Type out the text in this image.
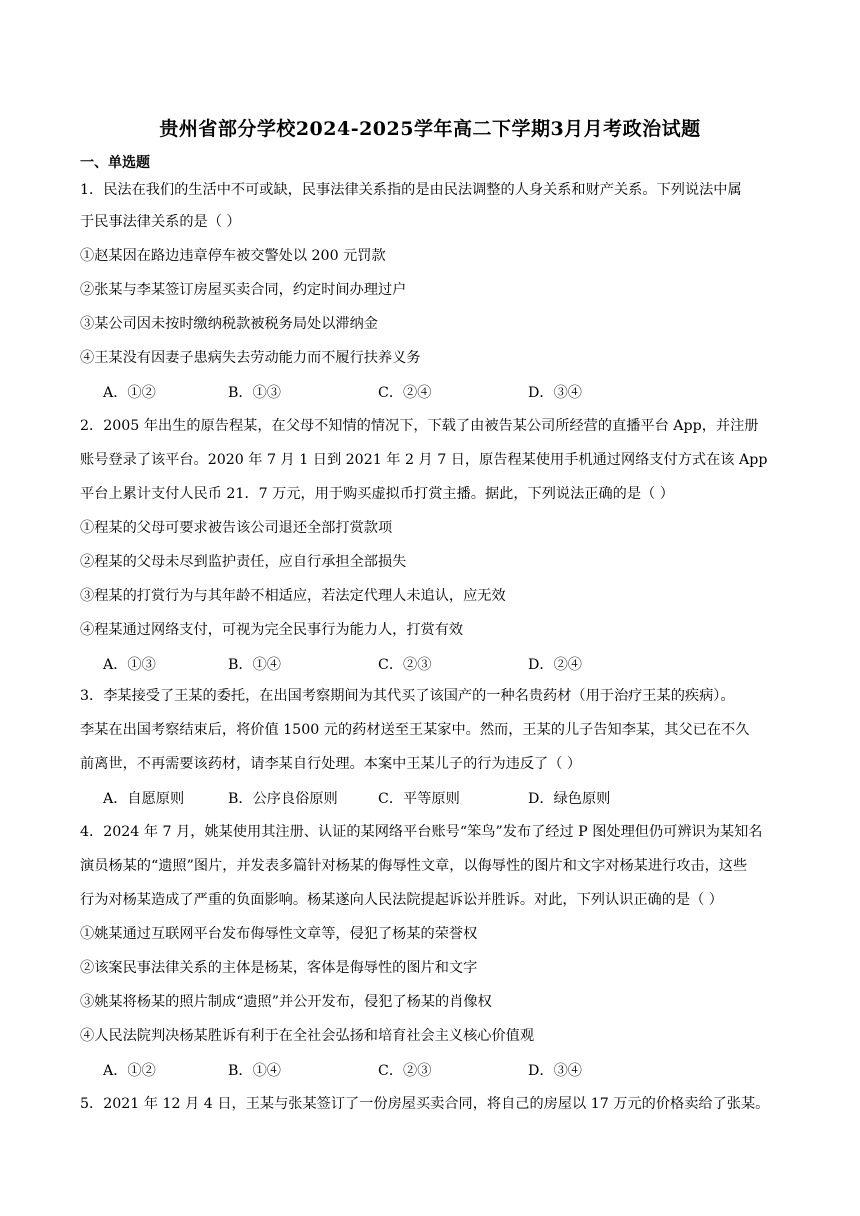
贵州省部分学校2024-2025学年高二下学期3月月考政治试题
一、单选题
1．民法在我们的生活中不可或缺，民事法律关系指的是由民法调整的人身关系和财产关系。下列说法中属
于民事法律关系的是（ ）
①赵某因在路边违章停车被交警处以 200 元罚款
②张某与李某签订房屋买卖合同，约定时间办理过户
③某公司因未按时缴纳税款被税务局处以滞纳金
④王某没有因妻子患病失去劳动能力而不履行扶养义务
A．①②	B．①③	C．②④	D．③④
2．2005 年出生的原告程某，在父母不知情的情况下，下载了由被告某公司所经营的直播平台 App，并注册
账号登录了该平台。2020 年 7 月 1 日到 2021 年 2 月 7 日，原告程某使用手机通过网络支付方式在该 App
平台上累计支付人民币 21．7 万元，用于购买虚拟币打赏主播。据此，下列说法正确的是（ ）
①程某的父母可要求被告该公司退还全部打赏款项
②程某的父母未尽到监护责任，应自行承担全部损失
③程某的打赏行为与其年龄不相适应，若法定代理人未追认，应无效
④程某通过网络支付，可视为完全民事行为能力人，打赏有效
A．①③	B．①④	C．②③	D．②④
3．李某接受了王某的委托，在出国考察期间为其代买了该国产的一种名贵药材（用于治疗王某的疾病）。
李某在出国考察结束后，将价值 1500 元的药材送至王某家中。然而，王某的儿子告知李某，其父已在不久
前离世，不再需要该药材，请李某自行处理。本案中王某儿子的行为违反了（ ）
A．自愿原则	B．公序良俗原则	C．平等原则	D．绿色原则
4．2024 年 7 月，姚某使用其注册、认证的某网络平台账号“笨鸟”发布了经过 P 图处理但仍可辨识为某知名
演员杨某的“遗照”图片，并发表多篇针对杨某的侮辱性文章，以侮辱性的图片和文字对杨某进行攻击，这些
行为对杨某造成了严重的负面影响。杨某遂向人民法院提起诉讼并胜诉。对此，下列认识正确的是（ ）
①姚某通过互联网平台发布侮辱性文章等，侵犯了杨某的荣誉权
②该案民事法律关系的主体是杨某，客体是侮辱性的图片和文字
③姚某将杨某的照片制成“遗照”并公开发布，侵犯了杨某的肖像权
④人民法院判决杨某胜诉有利于在全社会弘扬和培育社会主义核心价值观
A．①②	B．①④	C．②③	D．③④
5．2021 年 12 月 4 日，王某与张某签订了一份房屋买卖合同，将自己的房屋以 17 万元的价格卖给了张某。
